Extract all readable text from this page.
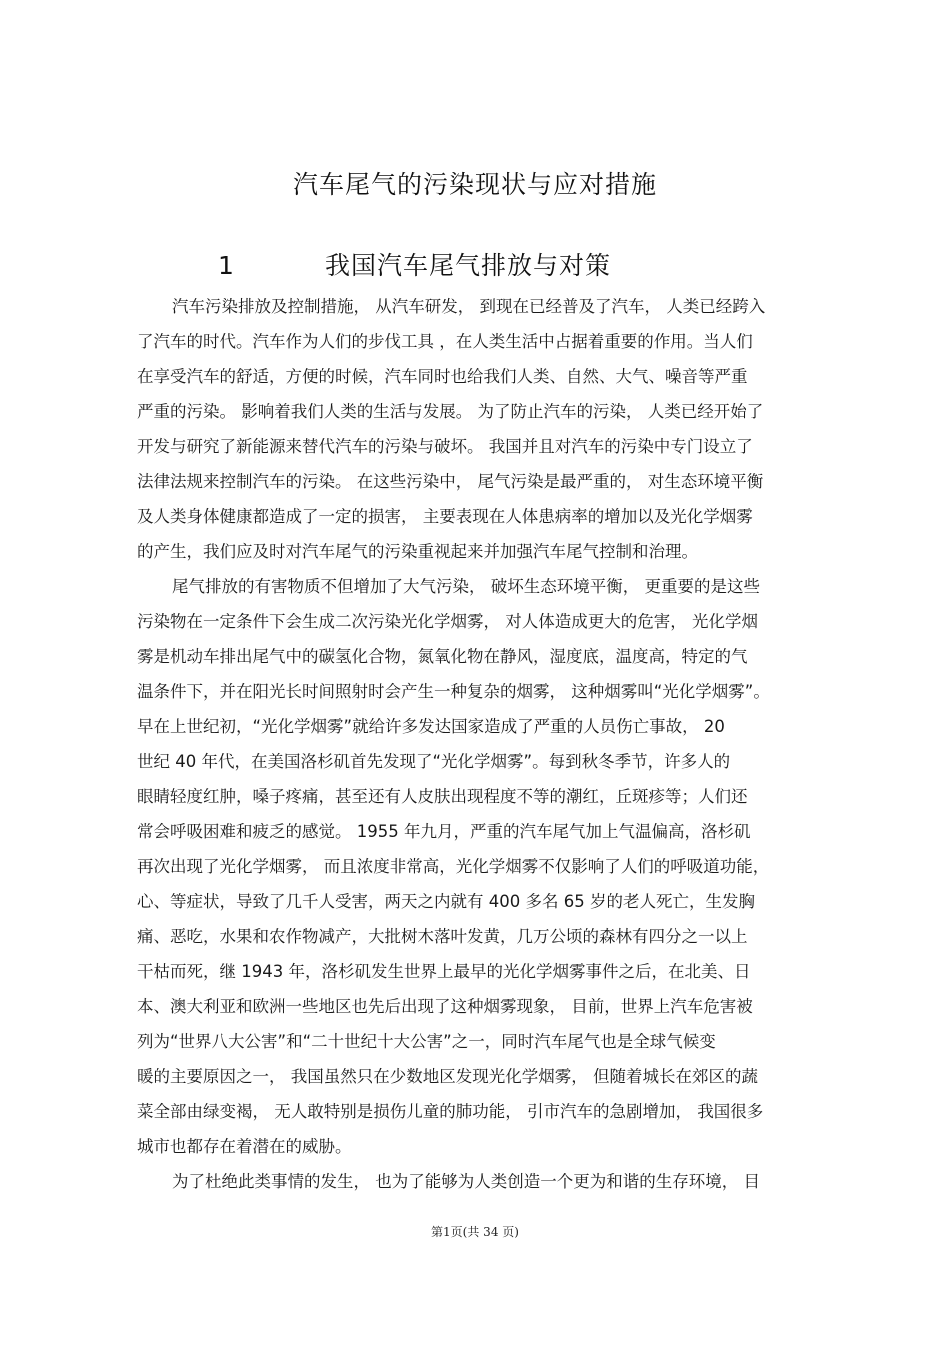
汽车尾气的污染现状与应对措施
1	我国汽车尾气排放与对策
汽车污染排放及控制措施， 从汽车研发， 到现在已经普及了汽车， 人类已经跨入
了汽车的时代。汽车作为人们的步伐工具 ，在人类生活中占据着重要的作用。当人们
在享受汽车的舒适，方便的时候，汽车同时也给我们人类、自然、大气、噪音等严重
严重的污染。 影响着我们人类的生活与发展。 为了防止汽车的污染， 人类已经开始了
开发与研究了新能源来替代汽车的污染与破坏。 我国并且对汽车的污染中专门设立了
法律法规来控制汽车的污染。 在这些污染中， 尾气污染是最严重的， 对生态环境平衡
及人类身体健康都造成了一定的损害， 主要表现在人体患病率的增加以及光化学烟雾
的产生，我们应及时对汽车尾气的污染重视起来并加强汽车尾气控制和治理。
尾气排放的有害物质不但增加了大气污染， 破坏生态环境平衡， 更重要的是这些
污染物在一定条件下会生成二次污染光化学烟雾， 对人体造成更大的危害， 光化学烟
雾是机动车排出尾气中的碳氢化合物，氮氧化物在静风，湿度底，温度高，特定的气
温条件下，并在阳光长时间照射时会产生一种复杂的烟雾， 这种烟雾叫“光化学烟雾”。
早在上世纪初，“光化学烟雾”就给许多发达国家造成了严重的人员伤亡事故， 20
世纪 40 年代，在美国洛杉矶首先发现了“光化学烟雾”。每到秋冬季节，许多人的
眼睛轻度红肿，嗓子疼痛，甚至还有人皮肤出现程度不等的潮红，丘斑疹等；人们还
常会呼吸困难和疲乏的感觉。 1955 年九月，严重的汽车尾气加上气温偏高，洛杉矶
再次出现了光化学烟雾， 而且浓度非常高，光化学烟雾不仅影响了人们的呼吸道功能，
心、等症状，导致了几千人受害，两天之内就有 400 多名 65 岁的老人死亡，生发胸
痛、恶吃，水果和农作物减产，大批树木落叶发黄，几万公顷的森林有四分之一以上
干枯而死，继 1943 年，洛杉矶发生世界上最早的光化学烟雾事件之后，在北美、日
本、澳大利亚和欧洲一些地区也先后出现了这种烟雾现象， 目前，世界上汽车危害被
列为“世界八大公害”和“二十世纪十大公害”之一，同时汽车尾气也是全球气候变
暖的主要原因之一， 我国虽然只在少数地区发现光化学烟雾， 但随着城长在郊区的蔬
菜全部由绿变褐， 无人敢特别是损伤儿童的肺功能， 引市汽车的急剧增加， 我国很多
城市也都存在着潜在的威胁。
为了杜绝此类事情的发生， 也为了能够为人类创造一个更为和谐的生存环境， 目
第1页(共 34 页)
